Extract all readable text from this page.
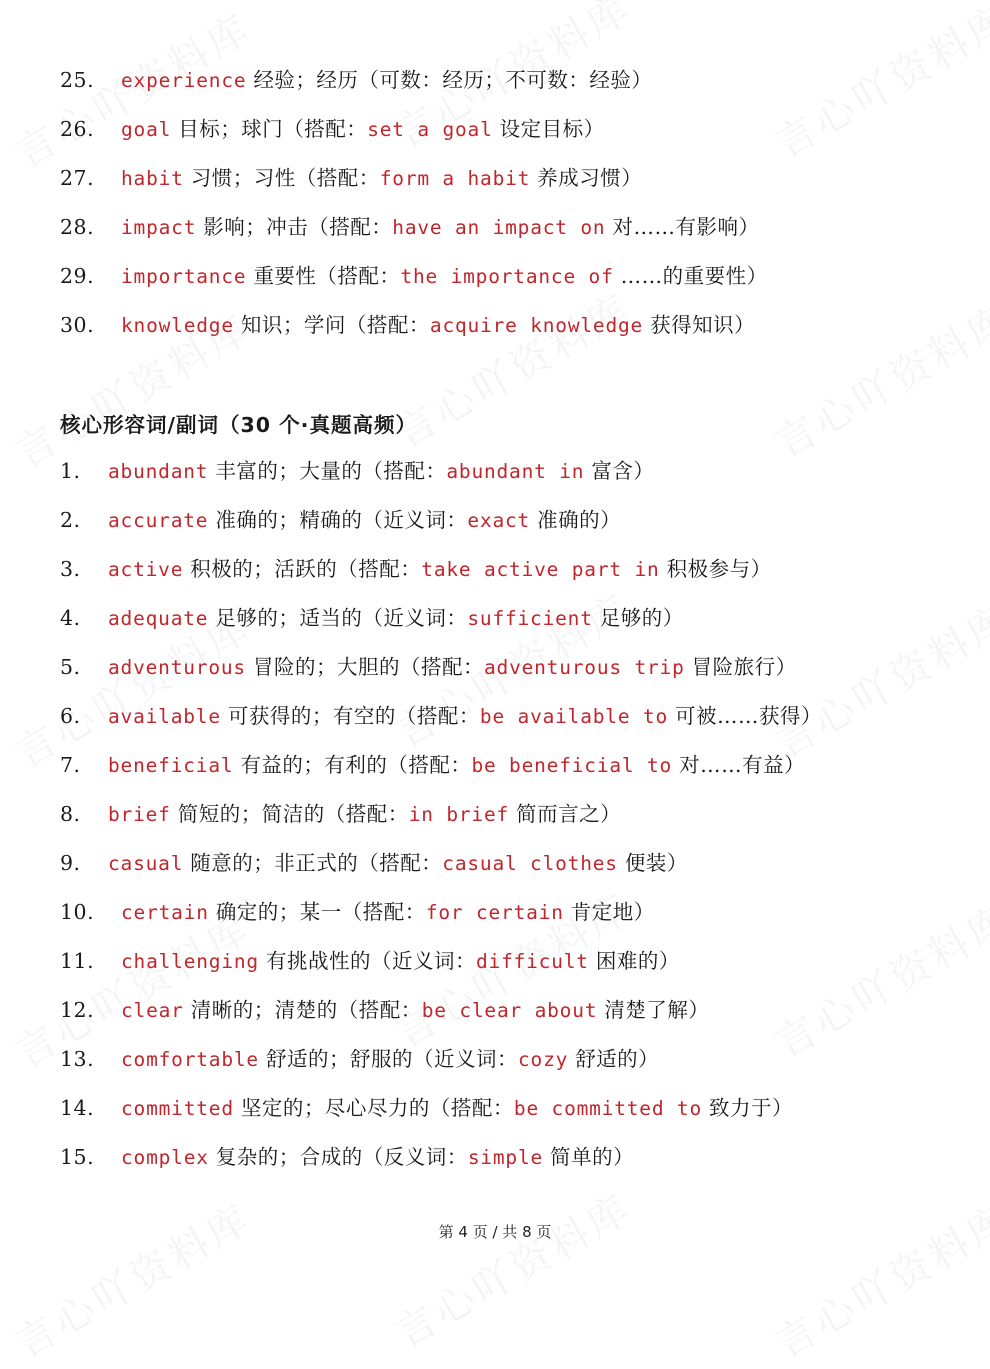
25. experience 经验；经历（可数：经历；不可数：经验）
26. goal 目标；球门（搭配：set a goal 设定目标）
27. habit 习惯；习性（搭配：form a habit 养成习惯）
28. impact 影响；冲击（搭配：have an impact on 对……有影响）
29. importance 重要性（搭配：the importance of ……的重要性）
30. knowledge 知识；学问（搭配：acquire knowledge 获得知识）
核心形容词/副词（30 个·真题高频）
1. abundant 丰富的；大量的（搭配：abundant in 富含）
2. accurate 准确的；精确的（近义词：exact 准确的）
3. active 积极的；活跃的（搭配：take active part in 积极参与）
4. adequate 足够的；适当的（近义词：sufficient 足够的）
5. adventurous 冒险的；大胆的（搭配：adventurous trip 冒险旅行）
6. available 可获得的；有空的（搭配：be available to 可被……获得）
7. beneficial 有益的；有利的（搭配：be beneficial to 对……有益）
8. brief 简短的；简洁的（搭配：in brief 简而言之）
9. casual 随意的；非正式的（搭配：casual clothes 便装）
10. certain 确定的；某一（搭配：for certain 肯定地）
11. challenging 有挑战性的（近义词：difficult 困难的）
12. clear 清晰的；清楚的（搭配：be clear about 清楚了解）
13. comfortable 舒适的；舒服的（近义词：cozy 舒适的）
14. committed 坚定的；尽心尽力的（搭配：be committed to 致力于）
15. complex 复杂的；合成的（反义词：simple 简单的）
第 4 页 / 共 8 页
